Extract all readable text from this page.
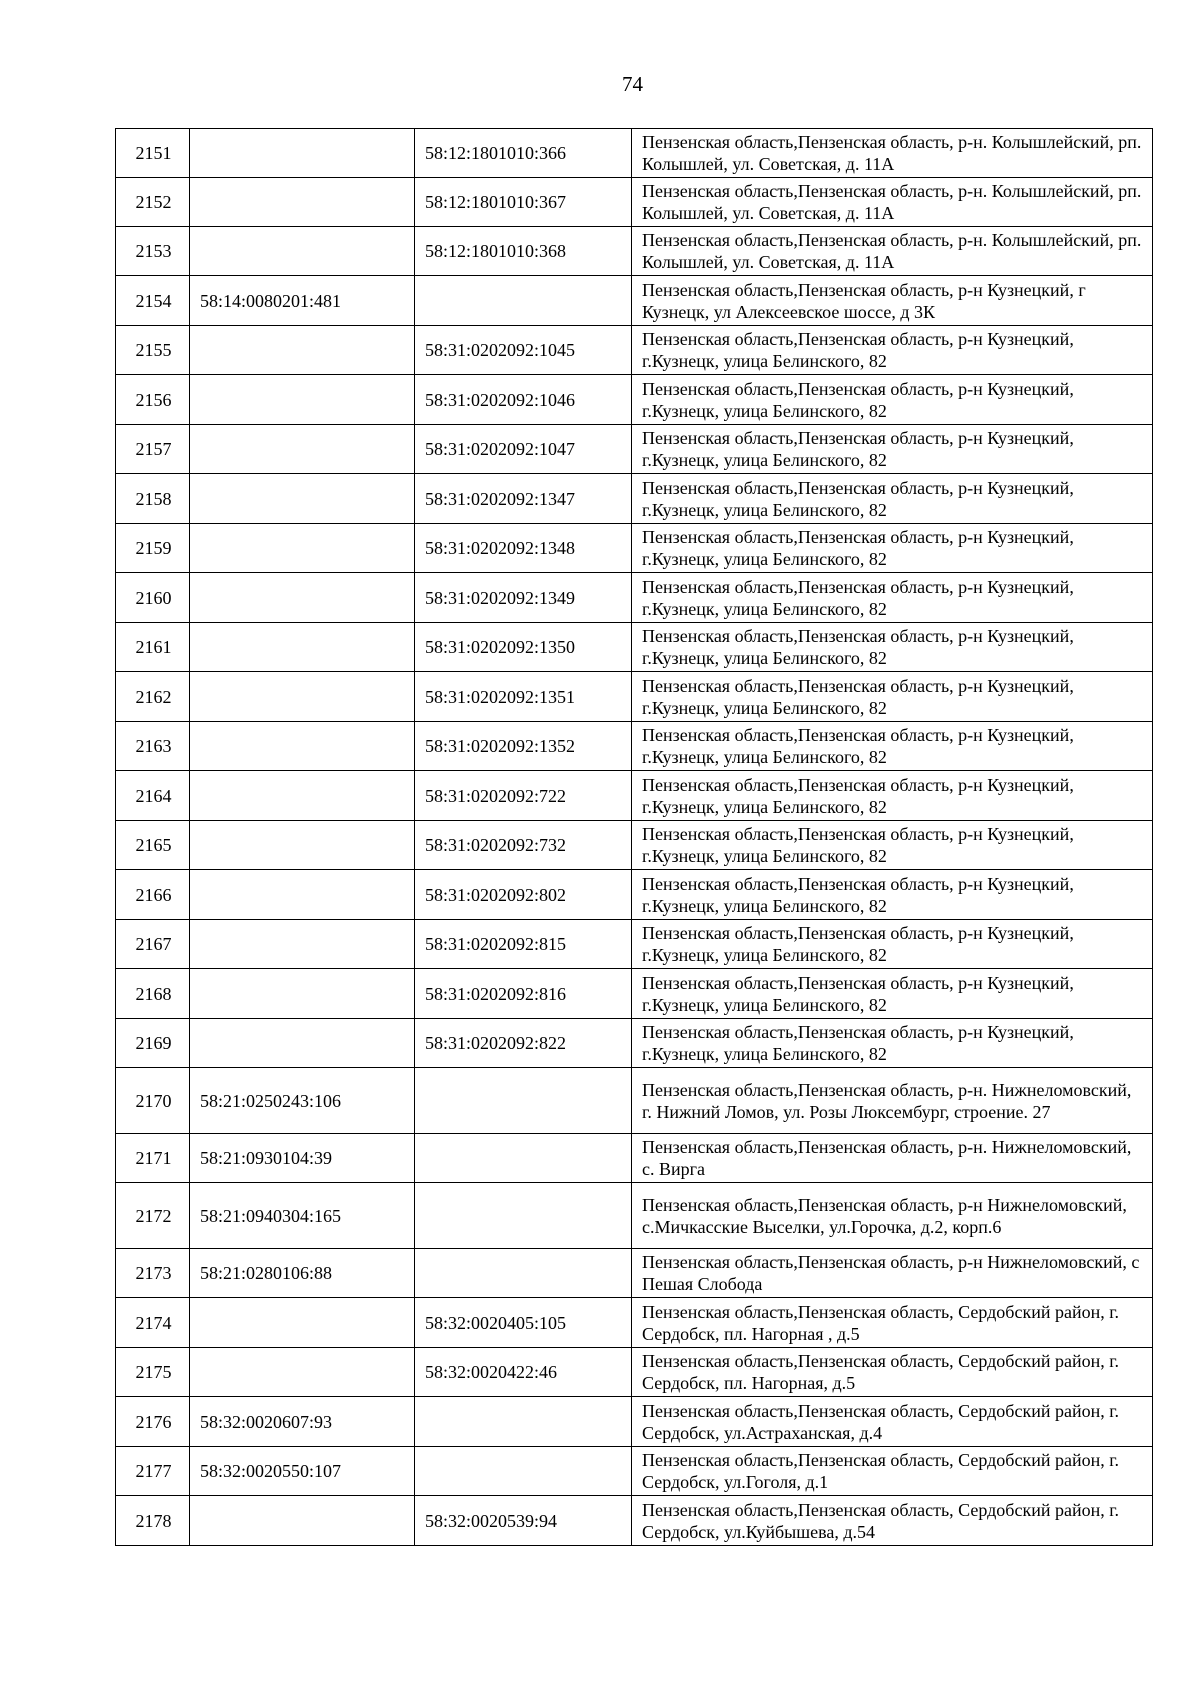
74
2151		58:12:1801010:366	Пензенская область,Пензенская область, р-н. Колышлейский, рп. Колышлей, ул. Советская, д. 11А
2152		58:12:1801010:367	Пензенская область,Пензенская область, р-н. Колышлейский, рп. Колышлей, ул. Советская, д. 11А
2153		58:12:1801010:368	Пензенская область,Пензенская область, р-н. Колышлейский, рп. Колышлей, ул. Советская, д. 11А
2154	58:14:0080201:481		Пензенская область,Пензенская область, р-н Кузнецкий, г Кузнецк, ул Алексеевское шоссе, д 3К
2155		58:31:0202092:1045	Пензенская область,Пензенская область, р-н Кузнецкий, г.Кузнецк, улица Белинского, 82
2156		58:31:0202092:1046	Пензенская область,Пензенская область, р-н Кузнецкий, г.Кузнецк, улица Белинского, 82
2157		58:31:0202092:1047	Пензенская область,Пензенская область, р-н Кузнецкий, г.Кузнецк, улица Белинского, 82
2158		58:31:0202092:1347	Пензенская область,Пензенская область, р-н Кузнецкий, г.Кузнецк, улица Белинского, 82
2159		58:31:0202092:1348	Пензенская область,Пензенская область, р-н Кузнецкий, г.Кузнецк, улица Белинского, 82
2160		58:31:0202092:1349	Пензенская область,Пензенская область, р-н Кузнецкий, г.Кузнецк, улица Белинского, 82
2161		58:31:0202092:1350	Пензенская область,Пензенская область, р-н Кузнецкий, г.Кузнецк, улица Белинского, 82
2162		58:31:0202092:1351	Пензенская область,Пензенская область, р-н Кузнецкий, г.Кузнецк, улица Белинского, 82
2163		58:31:0202092:1352	Пензенская область,Пензенская область, р-н Кузнецкий, г.Кузнецк, улица Белинского, 82
2164		58:31:0202092:722	Пензенская область,Пензенская область, р-н Кузнецкий, г.Кузнецк, улица Белинского, 82
2165		58:31:0202092:732	Пензенская область,Пензенская область, р-н Кузнецкий, г.Кузнецк, улица Белинского, 82
2166		58:31:0202092:802	Пензенская область,Пензенская область, р-н Кузнецкий, г.Кузнецк, улица Белинского, 82
2167		58:31:0202092:815	Пензенская область,Пензенская область, р-н Кузнецкий, г.Кузнецк, улица Белинского, 82
2168		58:31:0202092:816	Пензенская область,Пензенская область, р-н Кузнецкий, г.Кузнецк, улица Белинского, 82
2169		58:31:0202092:822	Пензенская область,Пензенская область, р-н Кузнецкий, г.Кузнецк, улица Белинского, 82
2170	58:21:0250243:106		Пензенская область,Пензенская область, р-н. Нижнеломовский, г. Нижний Ломов, ул. Розы Люксембург, строение. 27
2171	58:21:0930104:39		Пензенская область,Пензенская область, р-н. Нижнеломовский, с. Вирга
2172	58:21:0940304:165		Пензенская область,Пензенская область, р-н Нижнеломовский, с.Мичкасские Выселки, ул.Горочка, д.2, корп.6
2173	58:21:0280106:88		Пензенская область,Пензенская область, р-н Нижнеломовский, с Пешая Слобода
2174		58:32:0020405:105	Пензенская область,Пензенская область, Сердобский район, г. Сердобск, пл. Нагорная , д.5
2175		58:32:0020422:46	Пензенская область,Пензенская область, Сердобский район, г. Сердобск, пл. Нагорная, д.5
2176	58:32:0020607:93		Пензенская область,Пензенская область, Сердобский район, г. Сердобск, ул.Астраханская, д.4
2177	58:32:0020550:107		Пензенская область,Пензенская область, Сердобский район, г. Сердобск, ул.Гоголя, д.1
2178		58:32:0020539:94	Пензенская область,Пензенская область, Сердобский район, г. Сердобск, ул.Куйбышева, д.54
